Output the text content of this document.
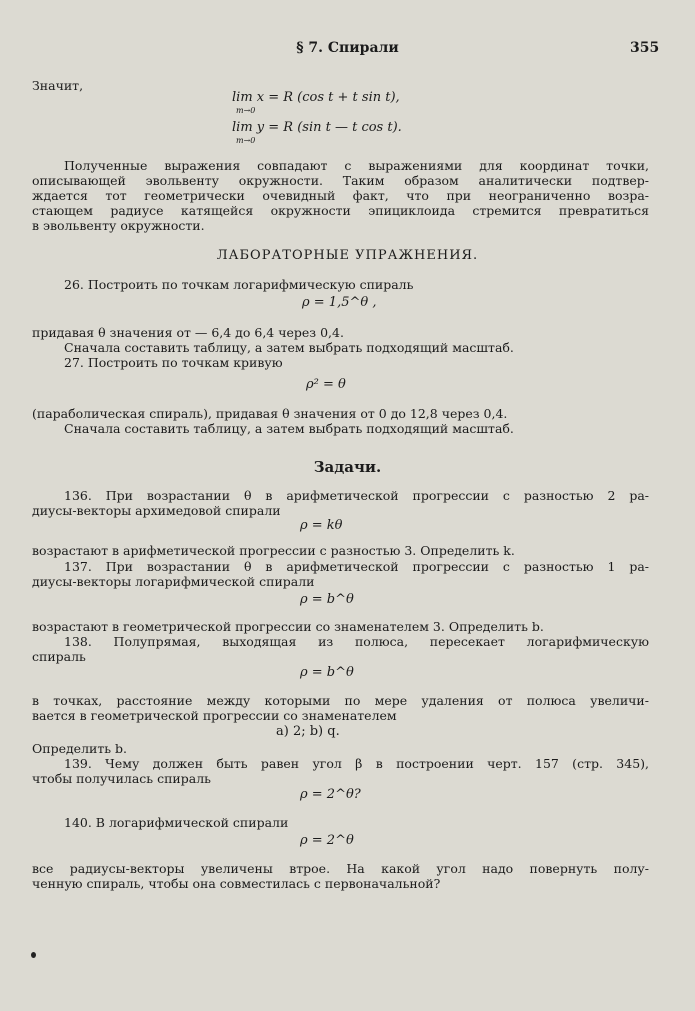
§ 7. Спирали	355
Значит,
lim x = R (cos t + t sin t),
m→0
lim y = R (sin t — t cos t).
m→0
Полученные выражения совпадают с выражениями для координат точки,
описывающей эвольвенту окружности. Таким образом аналитически подтвер-
ждается тот геометрически очевидный факт, что при неограниченно возра-
стающем радиусе катящейся окружности эпициклоида стремится превратиться
в эвольвенту окружности.
ЛАБОРАТОРНЫЕ УПРАЖНЕНИЯ.
26. Построить по точкам логарифмическую спираль
ρ = 1,5^θ ,
придавая θ значения от — 6,4 до 6,4 через 0,4.
Сначала составить таблицу, а затем выбрать подходящий масштаб.
27. Построить по точкам кривую
ρ² = θ
(параболическая спираль), придавая θ значения от 0 до 12,8 через 0,4.
Сначала составить таблицу, а затем выбрать подходящий масштаб.
Задачи.
136. При возрастании θ в арифметической прогрессии с разностью 2 ра-
диусы-векторы архимедовой спирали
ρ = kθ
возрастают в арифметической прогрессии с разностью 3. Определить k.
137. При возрастании θ в арифметической прогрессии с разностью 1 ра-
диусы-векторы логарифмической спирали
ρ = b^θ
возрастают в геометрической прогрессии со знаменателем 3. Определить b.
138. Полупрямая, выходящая из полюса, пересекает логарифмическую
спираль
ρ = b^θ
в точках, расстояние между которыми по мере удаления от полюса увеличи-
вается в геометрической прогрессии со знаменателем
a) 2; b) q.
Определить b.
139. Чему должен быть равен угол β в построении черт. 157 (стр. 345),
чтобы получилась спираль
ρ = 2^θ?
140. В логарифмической спирали
ρ = 2^θ
все радиусы-векторы увеличены втрое. На какой угол надо повернуть полу-
ченную спираль, чтобы она совместилась с первоначальной?
